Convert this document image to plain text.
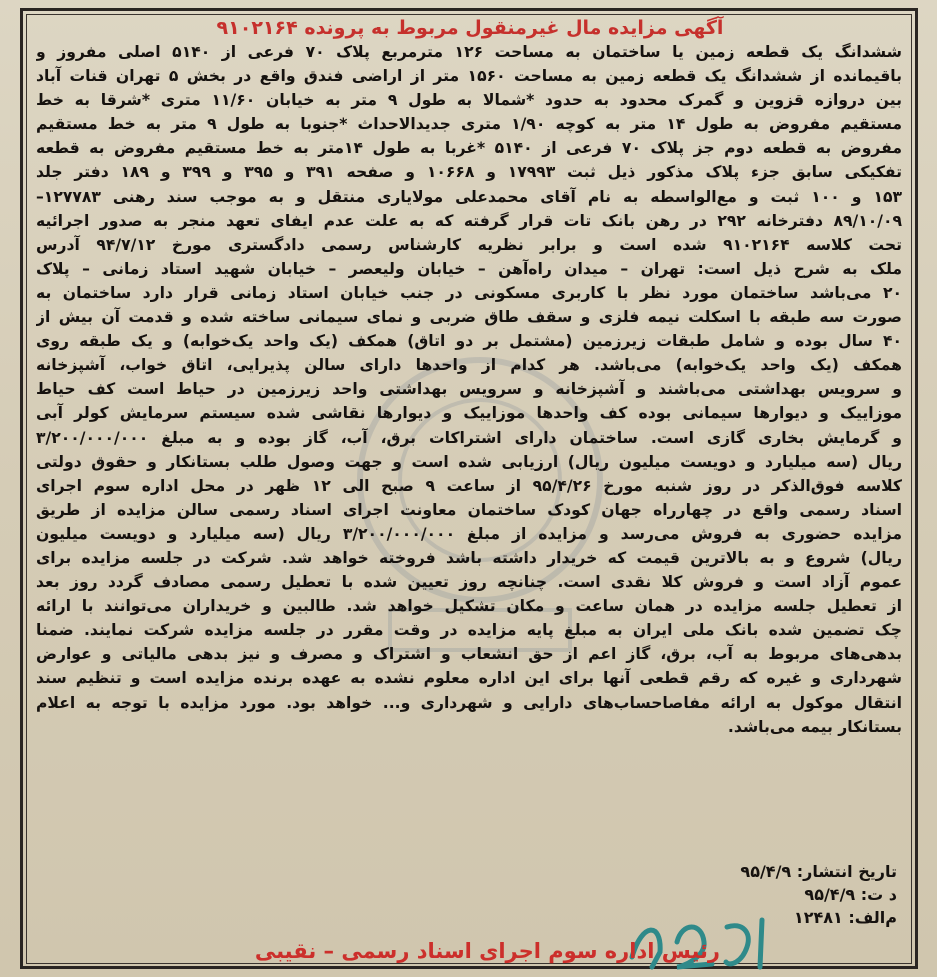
آگهی مزایده مال غیرمنقول مربوط به پرونده ۹۱۰۲۱۶۴
ششدانگ یک قطعه زمین یا ساختمان به مساحت ۱۲۶ مترمربع پلاک ۷۰ فرعی از ۵۱۴۰ اصلی مفروز و
باقیمانده از ششدانگ یک قطعه زمین به مساحت ۱۵۶۰ متر از اراضی فندق واقع در بخش ۵ تهران قنات آباد
بین دروازه قزوین و گمرک محدود به حدود *شمالا به طول ۹ متر به خیابان ۱۱/۶۰ متری *شرقا به خط
مستقیم مفروض به طول ۱۴ متر به کوچه ۱/۹۰ متری جدیدالاحداث *جنوبا به طول ۹ متر به خط مستقیم
مفروض به قطعه دوم جز پلاک ۷۰ فرعی از ۵۱۴۰ *غربا به طول ۱۴متر به خط مستقیم مفروض به قطعه
تفکیکی سابق جزء پلاک مذکور ذیل ثبت ۱۷۹۹۳ و ۱۰۶۶۸ و صفحه ۳۹۱ و ۳۹۵ و ۳۹۹ و ۱۸۹ دفتر جلد
۱۵۳ و ۱۰۰ ثبت و مع‌الواسطه به نام آقای محمدعلی مولایاری منتقل و به موجب سند رهنی ۱۲۷۷۸۳–
۸۹/۱۰/۰۹ دفترخانه ۲۹۲ در رهن بانک تات قرار گرفته که به علت عدم ایفای تعهد منجر به صدور اجرائیه
تحت کلاسه ۹۱۰۲۱۶۴ شده است و برابر نظریه کارشناس رسمی دادگستری مورخ ۹۴/۷/۱۲ آدرس
ملک به شرح ذیل است: تهران – میدان راه‌آهن – خیابان ولیعصر – خیابان شهید استاد زمانی – پلاک
۲۰ می‌باشد ساختمان مورد نظر با کاربری مسکونی در جنب خیابان استاد زمانی قرار دارد ساختمان به
صورت سه طبقه با اسکلت نیمه فلزی و سقف طاق ضربی و نمای سیمانی ساخته شده و قدمت آن بیش از
۴۰ سال بوده و شامل طبقات زیرزمین (مشتمل بر دو اتاق) همکف (یک واحد یک‌خوابه) و یک طبقه روی
همکف (یک واحد یک‌خوابه) می‌باشد. هر کدام از واحدها دارای سالن پذیرایی، اتاق خواب، آشپزخانه
و سرویس بهداشتی می‌باشند و آشپزخانه و سرویس بهداشتی واحد زیرزمین در حیاط است کف حیاط
موزاییک و دیوارها سیمانی بوده کف واحدها موزاییک و دیوارها نقاشی شده سیستم سرمایش کولر آبی
و گرمایش بخاری گازی است. ساختمان دارای اشتراکات برق، آب، گاز بوده و به مبلغ ۳/۲۰۰/۰۰۰/۰۰۰
ریال (سه میلیارد و دویست میلیون ریال) ارزیابی شده است و جهت وصول طلب بستانکار و حقوق دولتی
کلاسه فوق‌الذکر در روز شنبه مورخ ۹۵/۴/۲۶ از ساعت ۹ صبح الی ۱۲ ظهر در محل اداره سوم اجرای
اسناد رسمی واقع در چهارراه جهان کودک ساختمان معاونت اجرای اسناد رسمی سالن مزایده از طریق
مزایده حضوری به فروش می‌رسد و مزایده از مبلغ ۳/۲۰۰/۰۰۰/۰۰۰ ریال (سه میلیارد و دویست میلیون
ریال) شروع و به بالاترین قیمت که خریدار داشته باشد فروخته خواهد شد. شرکت در جلسه مزایده برای
عموم آزاد است و فروش کلا نقدی است. چنانچه روز تعیین شده با تعطیل رسمی مصادف گردد روز بعد
از تعطیل جلسه مزایده در همان ساعت و مکان تشکیل خواهد شد. طالبین و خریداران می‌توانند با ارائه
چک تضمین شده بانک ملی ایران به مبلغ پایه مزایده در وقت مقرر در جلسه مزایده شرکت نمایند. ضمنا
بدهی‌های مربوط به آب، برق، گاز اعم از حق انشعاب و اشتراک و مصرف و نیز بدهی مالیاتی و عوارض
شهرداری و غیره که رقم قطعی آنها برای این اداره معلوم نشده به عهده برنده مزایده است و تنظیم سند
انتقال موکول به ارائه مفاصاحساب‌های دارایی و شهرداری و... خواهد بود. مورد مزایده با توجه به اعلام
بستانکار بیمه می‌باشد.
تاریخ انتشار: ۹۵/۴/۹
د ت: ۹۵/۴/۹
م‌الف: ۱۲۴۸۱
رئیس اداره سوم اجرای اسناد رسمی – نقیبی
